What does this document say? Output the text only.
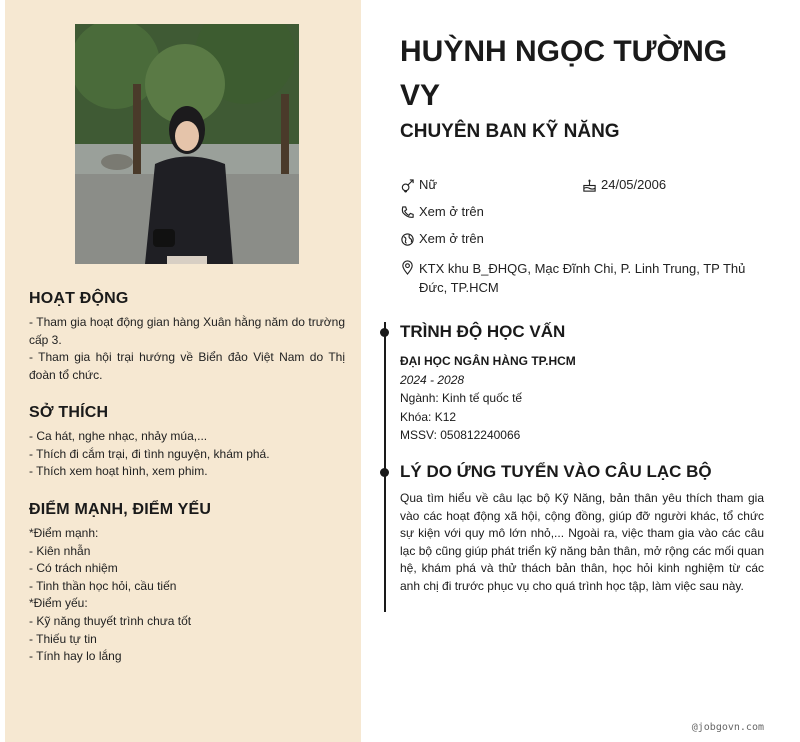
HOẠT ĐỘNG
- Tham gia hoạt động gian hàng Xuân hằng năm do trường cấp 3.
- Tham gia hội trại hướng về Biển đảo Việt Nam do Thị đoàn tổ chức.
SỞ THÍCH
- Ca hát, nghe nhạc, nhảy múa,...
- Thích đi cắm trại, đi tình nguyện, khám phá.
- Thích xem hoạt hình, xem phim.
ĐIỂM MẠNH, ĐIỂM YẾU
*Điểm mạnh:
- Kiên nhẫn
- Có trách nhiệm
- Tinh thần học hỏi, cầu tiến
*Điểm yếu:
- Kỹ năng thuyết trình chưa tốt
- Thiếu tự tin
- Tính hay lo lắng
HUỲNH NGỌC TƯỜNG VY
CHUYÊN BAN KỸ NĂNG
Nữ	24/05/2006
Xem ở trên
Xem ở trên
KTX khu B_ĐHQG, Mạc Đĩnh Chi, P. Linh Trung, TP Thủ Đức, TP.HCM
TRÌNH ĐỘ HỌC VẤN
ĐẠI HỌC NGÂN HÀNG TP.HCM
2024 - 2028
Ngành: Kinh tế quốc tế
Khóa: K12
MSSV: 050812240066
LÝ DO ỨNG TUYỂN VÀO CÂU LẠC BỘ
Qua tìm hiểu về câu lạc bộ Kỹ Năng, bản thân yêu thích tham gia vào các hoạt động xã hội, cộng đồng, giúp đỡ người khác, tổ chức sự kiện với quy mô lớn nhỏ,... Ngoài ra, việc tham gia vào các câu lạc bộ cũng giúp phát triển kỹ năng bản thân, mở rộng các mối quan hệ, khám phá và thử thách bản thân, học hỏi kinh nghiệm từ các anh chị đi trước phục vụ cho quá trình học tập, làm việc sau này.
@jobgovn.com
